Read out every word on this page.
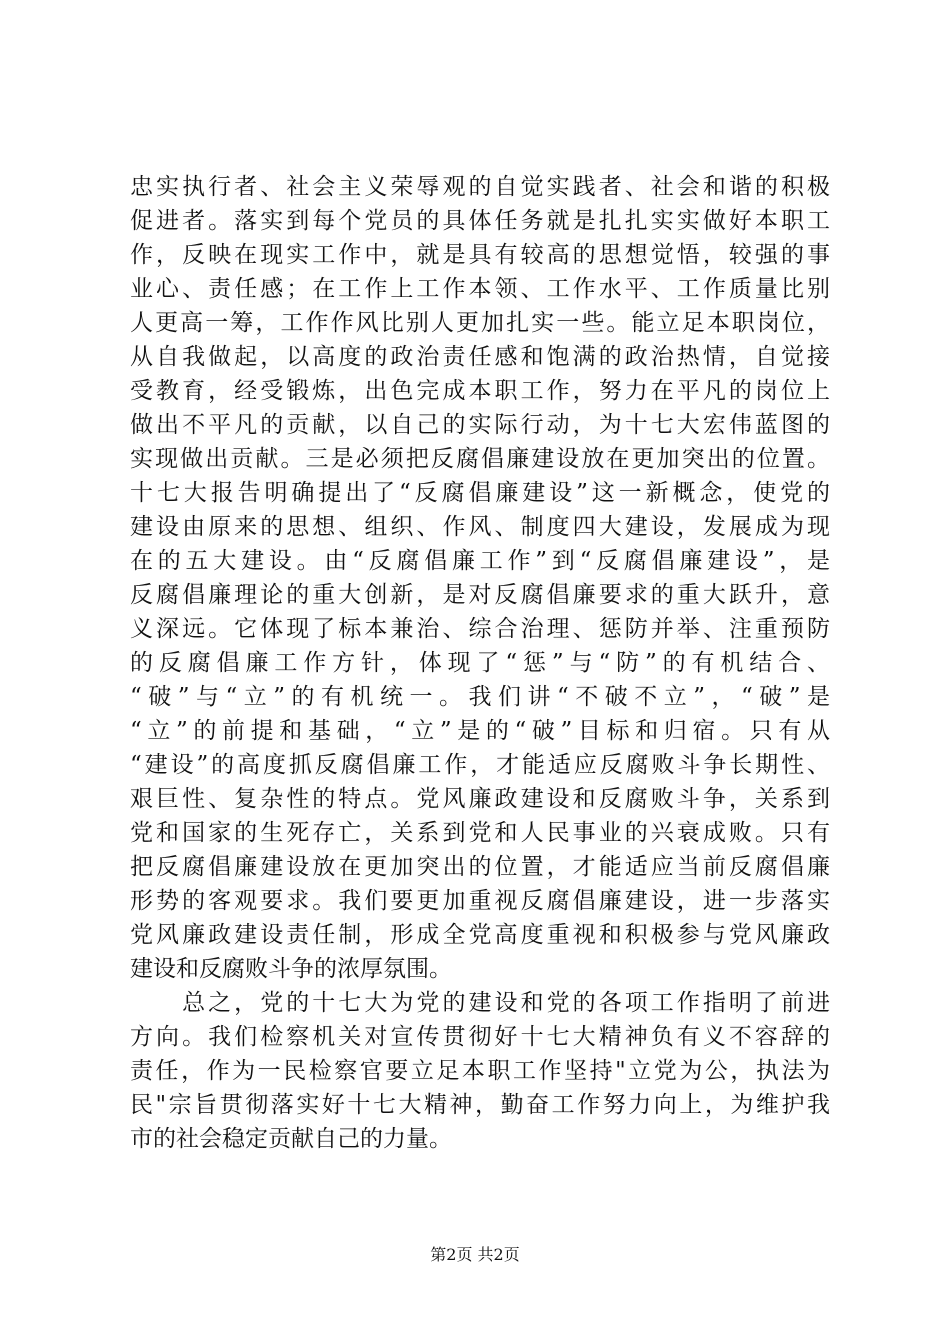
忠实执行者、社会主义荣辱观的自觉实践者、社会和谐的积极
促进者。落实到每个党员的具体任务就是扎扎实实做好本职工
作，反映在现实工作中，就是具有较高的思想觉悟，较强的事
业心、责任感；在工作上工作本领、工作水平、工作质量比别
人更高一筹，工作作风比别人更加扎实一些。能立足本职岗位，
从自我做起，以高度的政治责任感和饱满的政治热情，自觉接
受教育，经受锻炼，出色完成本职工作，努力在平凡的岗位上
做出不平凡的贡献，以自己的实际行动，为十七大宏伟蓝图的
实现做出贡献。三是必须把反腐倡廉建设放在更加突出的位置。
十七大报告明确提出了“反腐倡廉建设”这一新概念，使党的
建设由原来的思想、组织、作风、制度四大建设，发展成为现
在的五大建设。由“反腐倡廉工作”到“反腐倡廉建设”，是
反腐倡廉理论的重大创新，是对反腐倡廉要求的重大跃升，意
义深远。它体现了标本兼治、综合治理、惩防并举、注重预防
的反腐倡廉工作方针，体现了“惩”与“防”的有机结合、
“破”与“立”的有机统一。我们讲“不破不立”，“破”是
“立”的前提和基础，“立”是的“破”目标和归宿。只有从
“建设”的高度抓反腐倡廉工作，才能适应反腐败斗争长期性、
艰巨性、复杂性的特点。党风廉政建设和反腐败斗争，关系到
党和国家的生死存亡，关系到党和人民事业的兴衰成败。只有
把反腐倡廉建设放在更加突出的位置，才能适应当前反腐倡廉
形势的客观要求。我们要更加重视反腐倡廉建设，进一步落实
党风廉政建设责任制，形成全党高度重视和积极参与党风廉政
建设和反腐败斗争的浓厚氛围。
　　总之，党的十七大为党的建设和党的各项工作指明了前进
方向。我们检察机关对宣传贯彻好十七大精神负有义不容辞的
责任，作为一民检察官要立足本职工作坚持"立党为公，执法为
民"宗旨贯彻落实好十七大精神，勤奋工作努力向上，为维护我
市的社会稳定贡献自己的力量。
第2页 共2页
